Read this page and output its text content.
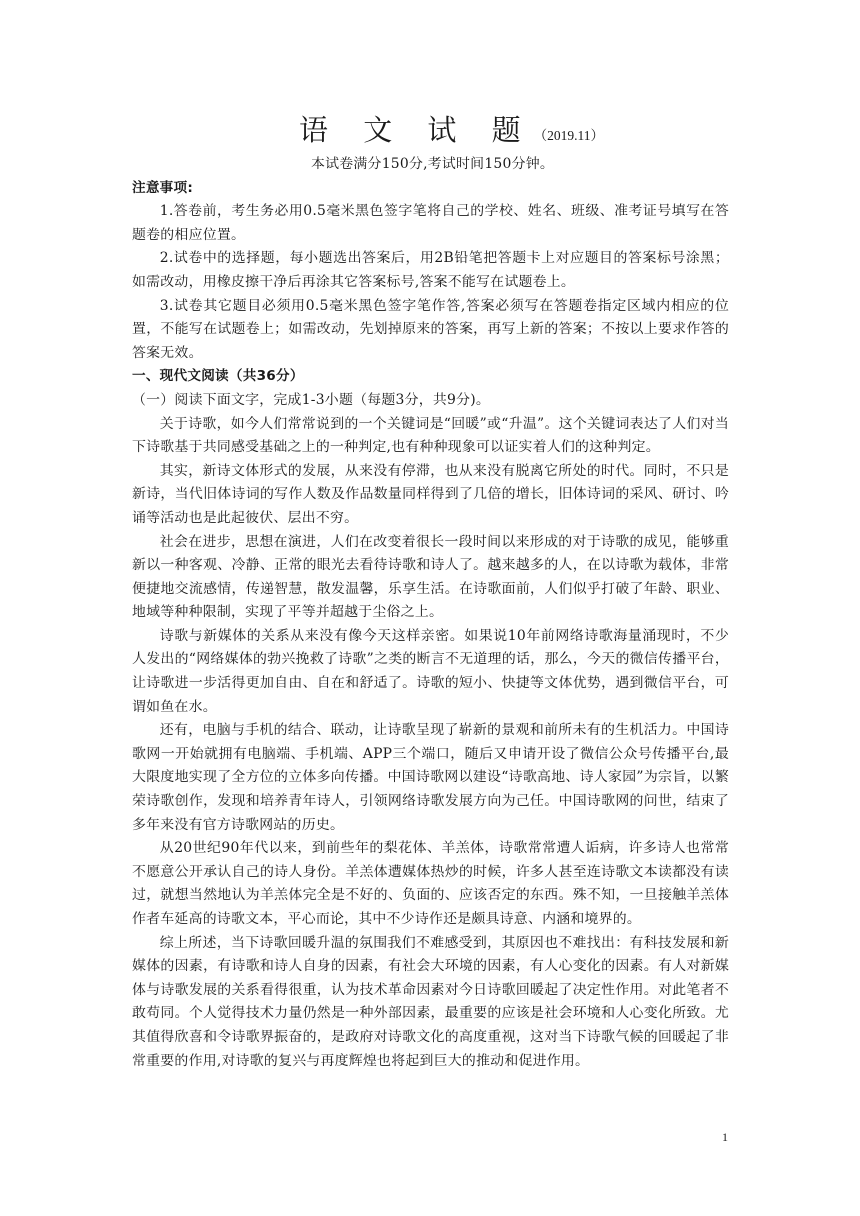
语 文 试 题（2019.11）

本试卷满分150分,考试时间150分钟。

注意事项:

1.答卷前，考生务必用0.5毫米黑色签字笔将自己的学校、姓名、班级、准考证号填写在答题卷的相应位置。

2.试卷中的选择题，每小题选出答案后，用2B铅笔把答题卡上对应题目的答案标号涂黑；如需改动，用橡皮擦干净后再涂其它答案标号,答案不能写在试题卷上。

3.试卷其它题目必须用0.5毫米黑色签字笔作答,答案必须写在答题卷指定区域内相应的位置，不能写在试题卷上；如需改动，先划掉原来的答案，再写上新的答案；不按以上要求作答的答案无效。

一、现代文阅读（共36分）

（一）阅读下面文字，完成1-3小题（每题3分，共9分)。

关于诗歌，如今人们常常说到的一个关键词是“回暖”或“升温”。这个关键词表达了人们对当下诗歌基于共同感受基础之上的一种判定,也有种种现象可以证实着人们的这种判定。

其实，新诗文体形式的发展，从来没有停滞，也从来没有脱离它所处的时代。同时，不只是新诗，当代旧体诗词的写作人数及作品数量同样得到了几倍的增长，旧体诗词的采风、研讨、吟诵等活动也是此起彼伏、层出不穷。

社会在进步，思想在演进，人们在改变着很长一段时间以来形成的对于诗歌的成见，能够重新以一种客观、冷静、正常的眼光去看待诗歌和诗人了。越来越多的人，在以诗歌为载体，非常便捷地交流感情，传递智慧，散发温馨，乐享生活。在诗歌面前，人们似乎打破了年龄、职业、地域等种种限制，实现了平等并超越于尘俗之上。

诗歌与新媒体的关系从来没有像今天这样亲密。如果说10年前网络诗歌海量涌现时，不少人发出的“网络媒体的勃兴挽救了诗歌”之类的断言不无道理的话，那么，今天的微信传播平台，让诗歌进一步活得更加自由、自在和舒适了。诗歌的短小、快捷等文体优势，遇到微信平台，可谓如鱼在水。

还有，电脑与手机的结合、联动，让诗歌呈现了崭新的景观和前所未有的生机活力。中国诗歌网一开始就拥有电脑端、手机端、APP三个端口，随后又申请开设了微信公众号传播平台,最大限度地实现了全方位的立体多向传播。中国诗歌网以建设“诗歌高地、诗人家园”为宗旨，以繁荣诗歌创作，发现和培养青年诗人，引领网络诗歌发展方向为己任。中国诗歌网的问世，结束了多年来没有官方诗歌网站的历史。

从20世纪90年代以来，到前些年的梨花体、羊羔体，诗歌常常遭人诟病，许多诗人也常常不愿意公开承认自己的诗人身份。羊羔体遭媒体热炒的时候，许多人甚至连诗歌文本读都没有读过，就想当然地认为羊羔体完全是不好的、负面的、应该否定的东西。殊不知，一旦接触羊羔体作者车延高的诗歌文本，平心而论，其中不少诗作还是颇具诗意、内涵和境界的。

综上所述，当下诗歌回暖升温的氛围我们不难感受到，其原因也不难找出：有科技发展和新媒体的因素，有诗歌和诗人自身的因素，有社会大环境的因素，有人心变化的因素。有人对新媒体与诗歌发展的关系看得很重，认为技术革命因素对今日诗歌回暖起了决定性作用。对此笔者不敢苟同。个人觉得技术力量仍然是一种外部因素，最重要的应该是社会环境和人心变化所致。尤其值得欣喜和令诗歌界振奋的，是政府对诗歌文化的高度重视，这对当下诗歌气候的回暖起了非常重要的作用,对诗歌的复兴与再度辉煌也将起到巨大的推动和促进作用。

1
